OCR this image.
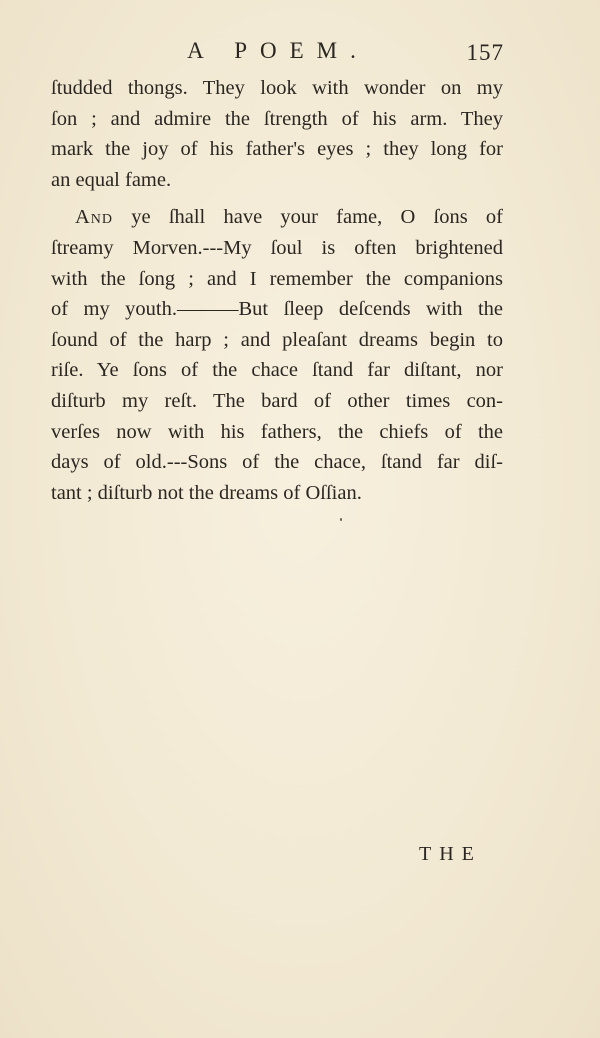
A POEM.	157
ſtudded thongs. They look with wonder on my
ſon ; and admire the ſtrength of his arm. They
mark the joy of his father's eyes ; they long for
an equal fame.
And ye ſhall have your fame, O ſons of
ſtreamy Morven.---My ſoul is often brightened
with the ſong ; and I remember the companions
of my youth.———But ſleep deſcends with the
ſound of the harp ; and pleaſant dreams begin to
riſe. Ye ſons of the chace ſtand far diſtant, nor
diſturb my reſt. The bard of other times con-
verſes now with his fathers, the chiefs of the
days of old.---Sons of the chace, ſtand far diſ-
tant ; diſturb not the dreams of Oſſian.
THE
